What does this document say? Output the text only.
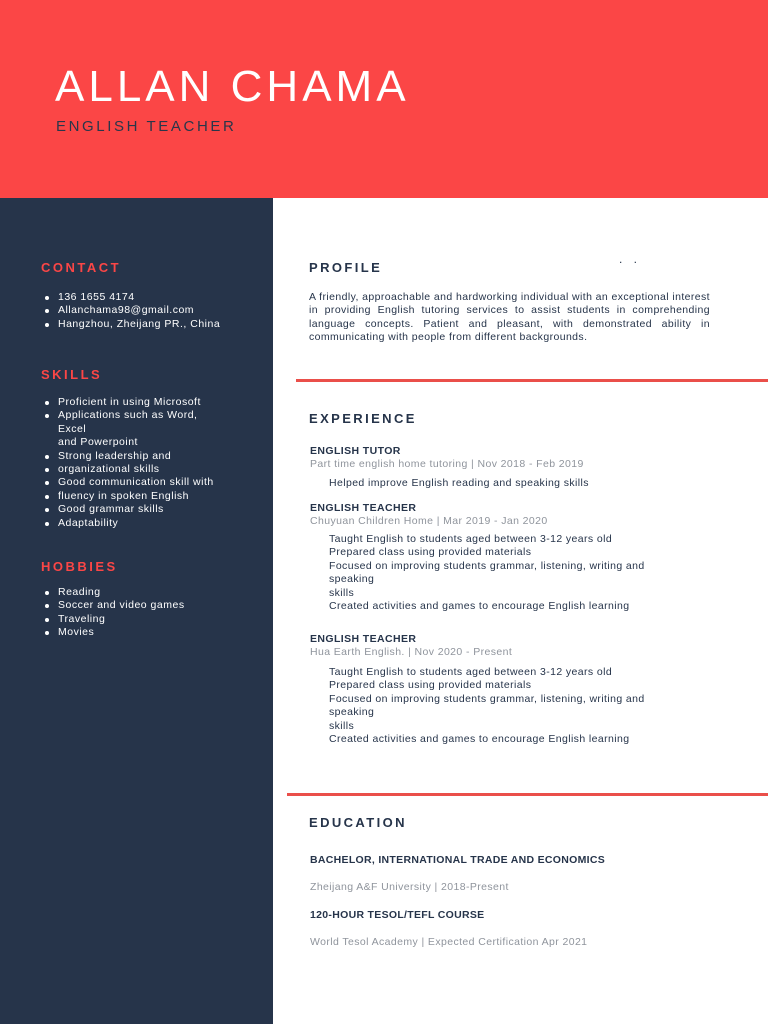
ALLAN CHAMA
ENGLISH TEACHER
CONTACT
136 1655 4174
Allanchama98@gmail.com
Hangzhou, Zheijang PR., China
SKILLS
Proficient in using Microsoft
Applications such as Word,
Excel
and Powerpoint
Strong leadership and
organizational skills
Good communication skill with
fluency in spoken English
Good grammar skills
Adaptability
HOBBIES
Reading
Soccer and video games
Traveling
Movies
PROFILE
. .
A friendly, approachable and hardworking individual with an exceptional interest in providing English tutoring services to assist students in comprehending language concepts. Patient and pleasant, with demonstrated ability in communicating with people from different backgrounds.
EXPERIENCE
ENGLISH TUTOR
Part time english home tutoring | Nov 2018 - Feb 2019
Helped improve English reading and speaking skills
ENGLISH TEACHER
Chuyuan Children Home | Mar 2019 - Jan 2020
Taught English to students aged between 3-12 years old
Prepared class using provided materials
Focused on improving students grammar, listening, writing and
speaking
skills
Created activities and games to encourage English learning
ENGLISH TEACHER
Hua Earth English. | Nov 2020 - Present
Taught English to students aged between 3-12 years old
Prepared class using provided materials
Focused on improving students grammar, listening, writing and
speaking
skills
Created activities and games to encourage English learning
EDUCATION
BACHELOR, INTERNATIONAL TRADE AND ECONOMICS
Zheijang A&F University | 2018-Present
120-HOUR TESOL/TEFL COURSE
World Tesol Academy | Expected Certification Apr 2021
